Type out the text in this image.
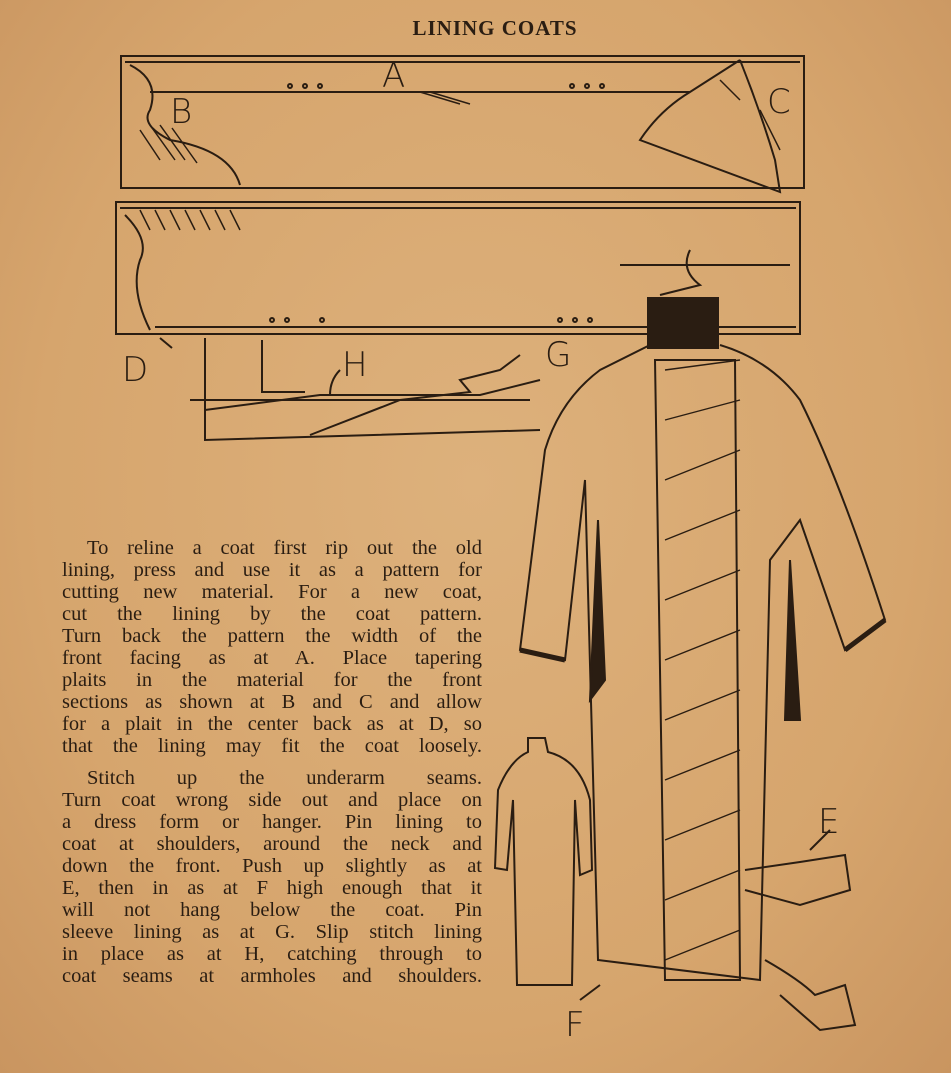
LINING COATS
A
B	C
D	H	G
E
F
To reline a coat first rip out the old
lining, press and use it as a pattern for
cutting new material. For a new coat,
cut the lining by the coat pattern.
Turn back the pattern the width of the
front facing as at A. Place tapering
plaits in the material for the front
sections as shown at B and C and allow
for a plait in the center back as at D, so
that the lining may fit the coat loosely.
Stitch up the underarm seams.
Turn coat wrong side out and place on
a dress form or hanger. Pin lining to
coat at shoulders, around the neck and
down the front. Push up slightly as at
E, then in as at F high enough that it
will not hang below the coat. Pin
sleeve lining as at G. Slip stitch lining
in place as at H, catching through to
coat seams at armholes and shoulders.
